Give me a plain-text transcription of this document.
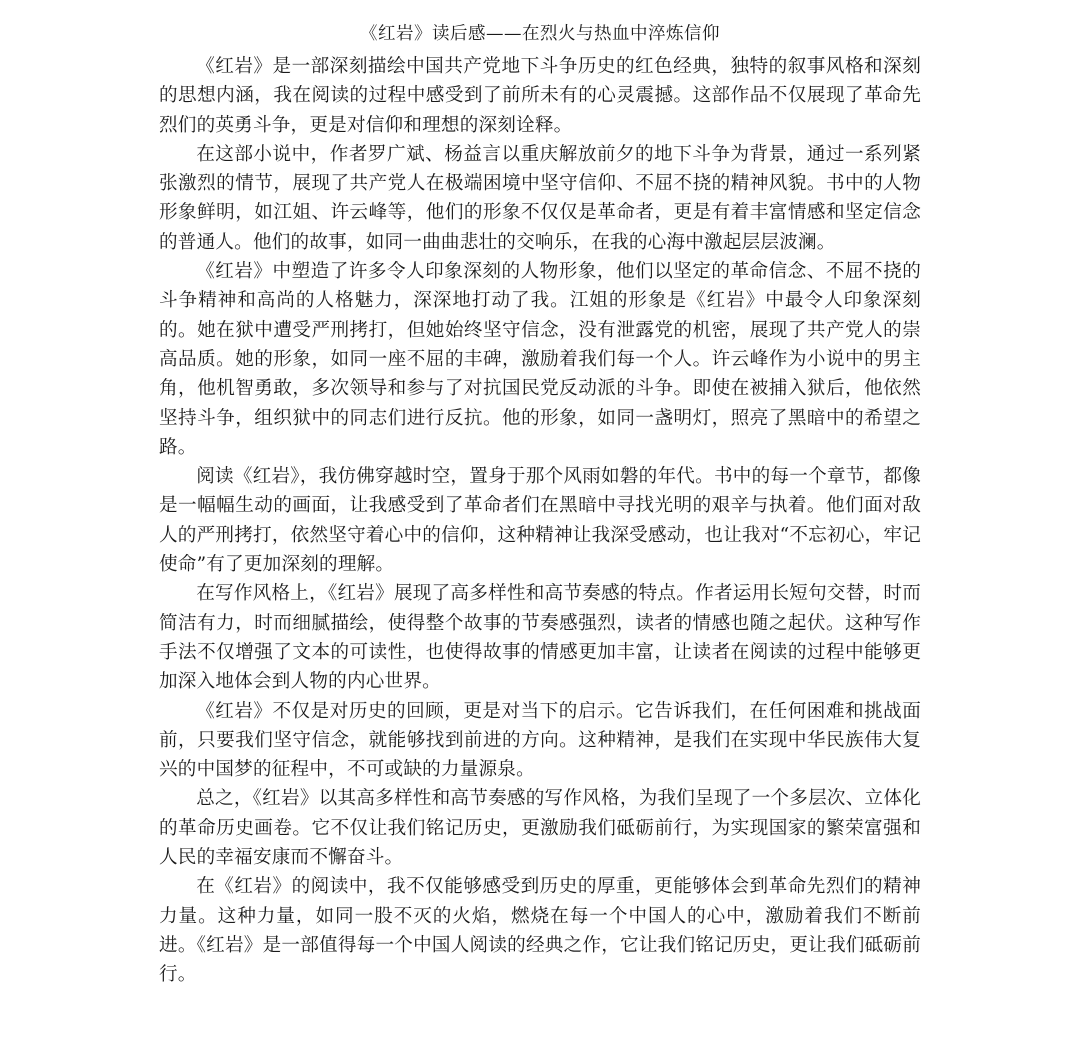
《红岩》读后感——在烈火与热血中淬炼信仰

《红岩》是一部深刻描绘中国共产党地下斗争历史的红色经典，独特的叙事风格和深刻的思想内涵，我在阅读的过程中感受到了前所未有的心灵震撼。这部作品不仅展现了革命先烈们的英勇斗争，更是对信仰和理想的深刻诠释。

在这部小说中，作者罗广斌、杨益言以重庆解放前夕的地下斗争为背景，通过一系列紧张激烈的情节，展现了共产党人在极端困境中坚守信仰、不屈不挠的精神风貌。书中的人物形象鲜明，如江姐、许云峰等，他们的形象不仅仅是革命者，更是有着丰富情感和坚定信念的普通人。他们的故事，如同一曲曲悲壮的交响乐，在我的心海中激起层层波澜。

《红岩》中塑造了许多令人印象深刻的人物形象，他们以坚定的革命信念、不屈不挠的斗争精神和高尚的人格魅力，深深地打动了我。江姐的形象是《红岩》中最令人印象深刻的。她在狱中遭受严刑拷打，但她始终坚守信念，没有泄露党的机密，展现了共产党人的崇高品质。她的形象，如同一座不屈的丰碑，激励着我们每一个人。许云峰作为小说中的男主角，他机智勇敢，多次领导和参与了对抗国民党反动派的斗争。即使在被捕入狱后，他依然坚持斗争，组织狱中的同志们进行反抗。他的形象，如同一盏明灯，照亮了黑暗中的希望之路。

阅读《红岩》，我仿佛穿越时空，置身于那个风雨如磐的年代。书中的每一个章节，都像是一幅幅生动的画面，让我感受到了革命者们在黑暗中寻找光明的艰辛与执着。他们面对敌人的严刑拷打，依然坚守着心中的信仰，这种精神让我深受感动，也让我对“不忘初心，牢记使命”有了更加深刻的理解。

在写作风格上，《红岩》展现了高多样性和高节奏感的特点。作者运用长短句交替，时而简洁有力，时而细腻描绘，使得整个故事的节奏感强烈，读者的情感也随之起伏。这种写作手法不仅增强了文本的可读性，也使得故事的情感更加丰富，让读者在阅读的过程中能够更加深入地体会到人物的内心世界。

《红岩》不仅是对历史的回顾，更是对当下的启示。它告诉我们，在任何困难和挑战面前，只要我们坚守信念，就能够找到前进的方向。这种精神，是我们在实现中华民族伟大复兴的中国梦的征程中，不可或缺的力量源泉。

总之，《红岩》以其高多样性和高节奏感的写作风格，为我们呈现了一个多层次、立体化的革命历史画卷。它不仅让我们铭记历史，更激励我们砥砺前行，为实现国家的繁荣富强和人民的幸福安康而不懈奋斗。

在《红岩》的阅读中，我不仅能够感受到历史的厚重，更能够体会到革命先烈们的精神力量。这种力量，如同一股不灭的火焰，燃烧在每一个中国人的心中，激励着我们不断前进。《红岩》是一部值得每一个中国人阅读的经典之作，它让我们铭记历史，更让我们砥砺前行。
